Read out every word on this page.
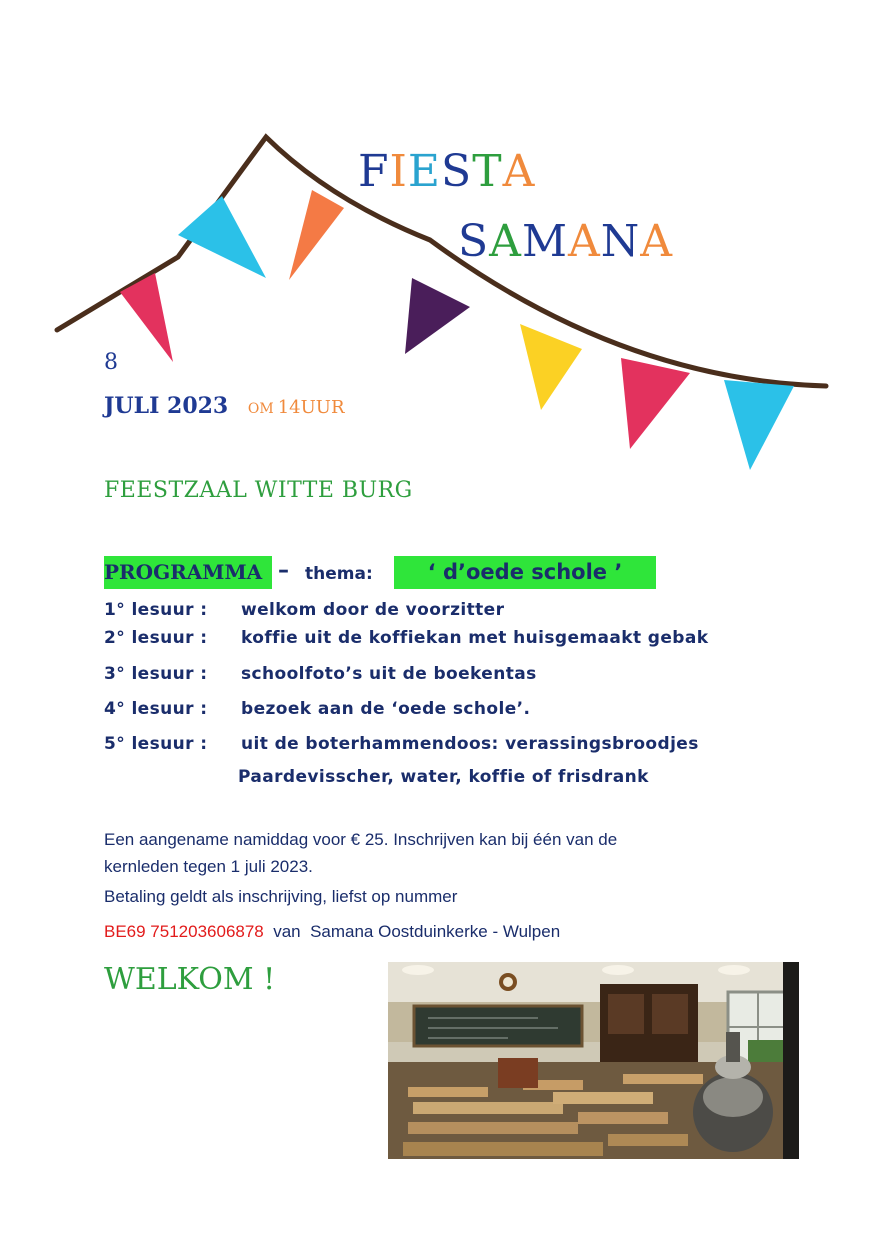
FIESTA
SAMANA
8
JULI 2023 OM 14UUR
FEESTZAAL WITTE BURG
PROGRAMMA – thema:	‘ d’oede schole ’
1° lesuur : welkom door de voorzitter
2° lesuur : koffie uit de koffiekan met huisgemaakt gebak
3° lesuur : schoolfoto’s uit de boekentas
4° lesuur : bezoek aan de ‘oede schole’.
5° lesuur : uit de boterhammendoos: verassingsbroodjes
Paardevisscher, water, koffie of frisdrank
Een aangename namiddag voor € 25. Inschrijven kan bij één van de
kernleden tegen 1 juli 2023.
Betaling geldt als inschrijving, liefst op nummer
BE69 751203606878  van  Samana Oostduinkerke - Wulpen
WELKOM !
